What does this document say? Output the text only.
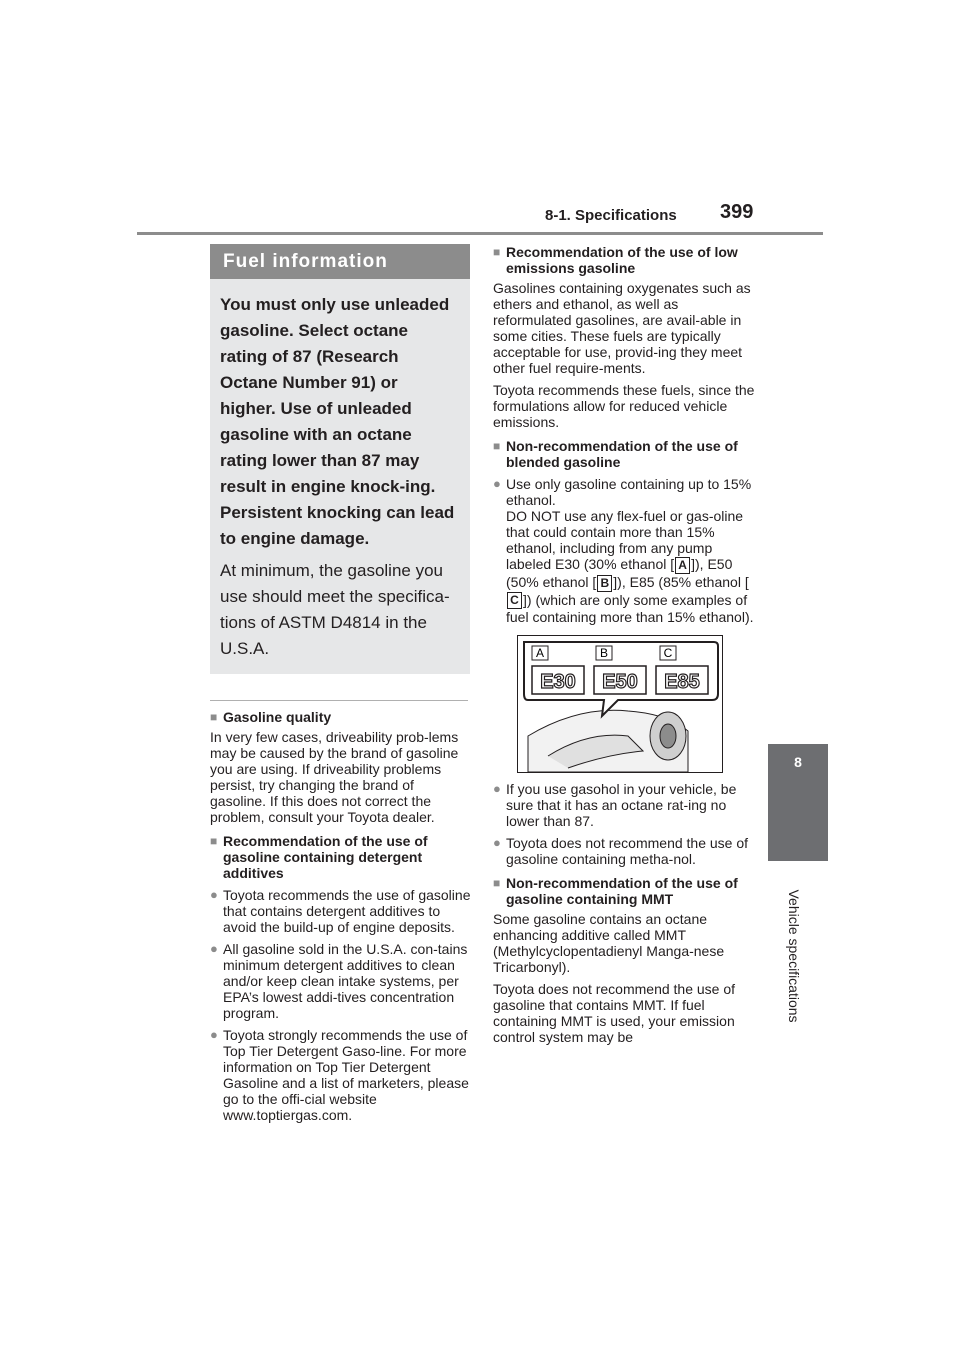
8-1. Specifications 399
8
Vehicle specifications
Fuel information
You must only use unleaded gasoline. Select octane rating of 87 (Research Octane Number 91) or higher. Use of unleaded gasoline with an octane rating lower than 87 may result in engine knock-ing. Persistent knocking can lead to engine damage.
At minimum, the gasoline you use should meet the specifica-tions of ASTM D4814 in the U.S.A.
■ Gasoline quality
In very few cases, driveability prob-lems may be caused by the brand of gasoline you are using. If driveability problems persist, try changing the brand of gasoline. If this does not correct the problem, consult your Toyota dealer.
■ Recommendation of the use of gasoline containing detergent additives
● Toyota recommends the use of gasoline that contains detergent additives to avoid the build-up of engine deposits.
● All gasoline sold in the U.S.A. con-tains minimum detergent additives to clean and/or keep clean intake systems, per EPA’s lowest addi-tives concentration program.
● Toyota strongly recommends the use of Top Tier Detergent Gaso-line. For more information on Top Tier Detergent Gasoline and a list of marketers, please go to the offi-cial website www.toptiergas.com.
■ Recommendation of the use of low emissions gasoline
Gasolines containing oxygenates such as ethers and ethanol, as well as reformulated gasolines, are avail-able in some cities. These fuels are typically acceptable for use, provid-ing they meet other fuel require-ments.
Toyota recommends these fuels, since the formulations allow for reduced vehicle emissions.
■ Non-recommendation of the use of blended gasoline
● Use only gasoline containing up to 15% ethanol.
DO NOT use any flex-fuel or gas-oline that could contain more than 15% ethanol, including from any pump labeled E30 (30% ethanol [ A ]), E50 (50% ethanol [ B ]), E85 (85% ethanol [C ]) (which are only some examples of fuel containing more than 15% ethanol).
A	B	C
E30 E50 E85
● If you use gasohol in your vehicle, be sure that it has an octane rat-ing no lower than 87.
● Toyota does not recommend the use of gasoline containing metha-nol.
■ Non-recommendation of the use of gasoline containing MMT
Some gasoline contains an octane enhancing additive called MMT (Methylcyclopentadienyl Manga-nese Tricarbonyl).
Toyota does not recommend the use of gasoline that contains MMT. If fuel containing MMT is used, your emission control system may be
